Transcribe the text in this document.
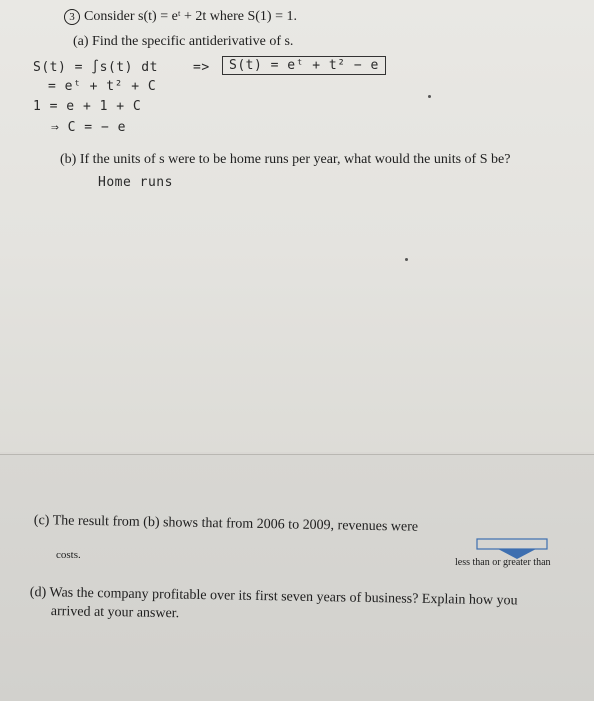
3 Consider s(t) = eᵗ + 2t where S(1) = 1.
(a) Find the specific antiderivative of s.
S(t) = ∫s(t) dt	=>	S(t) = eᵗ + t² − e
= eᵗ + t² + C
1 = e + 1 + C
⇒ C = − e
(b) If the units of s were to be home runs per year, what would the units of S be?
Home runs
(c) The result from (b) shows that from 2006 to 2009, revenues were
costs.
less than or greater than
(d) Was the company profitable over its first seven years of business? Explain how you
arrived at your answer.
